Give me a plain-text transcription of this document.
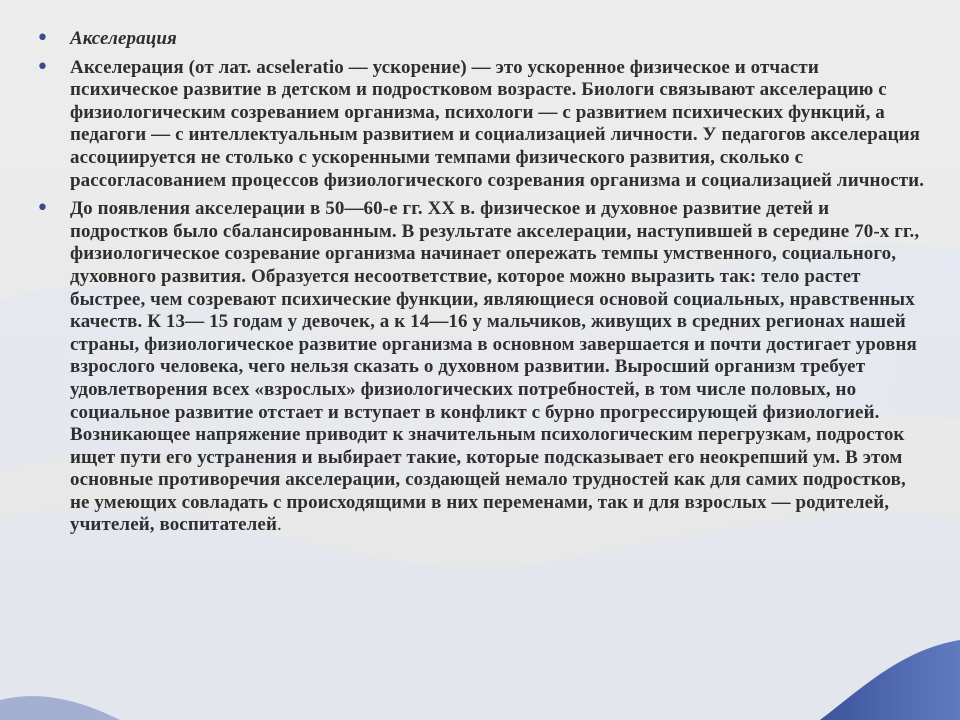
• Акселерация
• Акселерация (от лат. acseleratio — ускорение) — это ускоренное физическое и отчасти психическое развитие в детском и подростковом возрасте. Биологи связывают акселерацию с физиологическим созреванием организма, психологи — с развитием психических функций, а педагоги — с интеллектуальным развитием и социализацией личности. У педагогов акселерация ассоциируется не столько с ускоренными темпами физического развития, сколько с рассогласованием процессов физиологического созревания организма и социализацией личности.
• До появления акселерации в 50—60-е гг. XX в. физическое и духовное развитие детей и подростков было сбалансированным. В результате акселерации, наступившей в середине 70-х гг., физиологическое созревание организма начинает опережать темпы умственного, социального, духовного развития. Образуется несоответствие, которое можно выразить так: тело растет быстрее, чем созревают психические функции, являющиеся основой социальных, нравственных качеств. К 13— 15 годам у девочек, а к 14—16 у мальчиков, живущих в средних регионах нашей страны, физиологическое развитие организма в основном завершается и почти достигает уровня взрослого человека, чего нельзя сказать о духовном развитии. Выросший организм требует удовлетворения всех «взрослых» физиологических потребностей, в том числе половых, но социальное развитие отстает и вступает в конфликт с бурно прогрессирующей физиологией. Возникающее напряжение приводит к значительным психологическим перегрузкам, подросток ищет пути его устранения и выбирает такие, которые подсказывает его неокрепший ум. В этом основные противоречия акселерации, создающей немало трудностей как для самих подростков, не умеющих совладать с происходящими в них переменами, так и для взрослых — родителей, учителей, воспитателей.
